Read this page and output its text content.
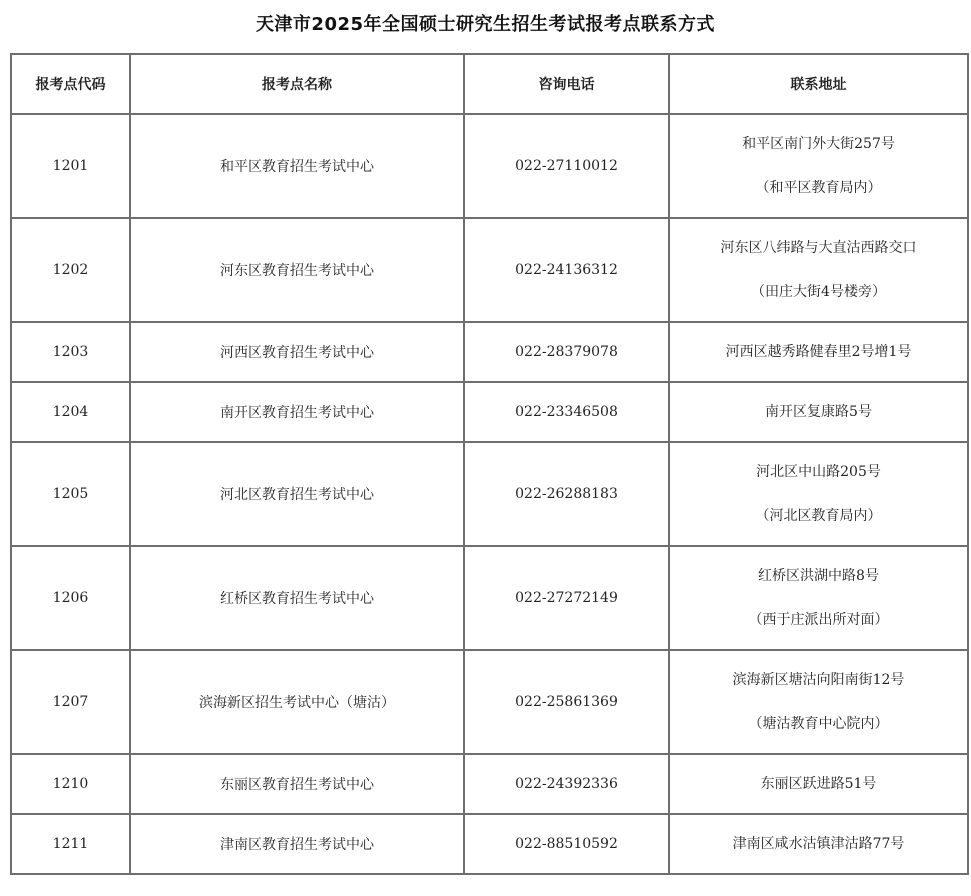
天津市2025年全国硕士研究生招生考试报考点联系方式
报考点代码	报考点名称	咨询电话	联系地址
1201	和平区教育招生考试中心	022-27110012	和平区南门外大街257号
（和平区教育局内）

1202	河东区教育招生考试中心	022-24136312	河东区八纬路与大直沽西路交口
（田庄大街4号楼旁）

1203	河西区教育招生考试中心	022-28379078	河西区越秀路健春里2号增1号

1204	南开区教育招生考试中心	022-23346508	南开区复康路5号

1205	河北区教育招生考试中心	022-26288183	河北区中山路205号
（河北区教育局内）

1206	红桥区教育招生考试中心	022-27272149	红桥区洪湖中路8号
（西于庄派出所对面）

1207	滨海新区招生考试中心（塘沽）	022-25861369	滨海新区塘沽向阳南街12号
（塘沽教育中心院内）

1210	东丽区教育招生考试中心	022-24392336	东丽区跃进路51号

1211	津南区教育招生考试中心	022-88510592	津南区咸水沽镇津沽路77号
